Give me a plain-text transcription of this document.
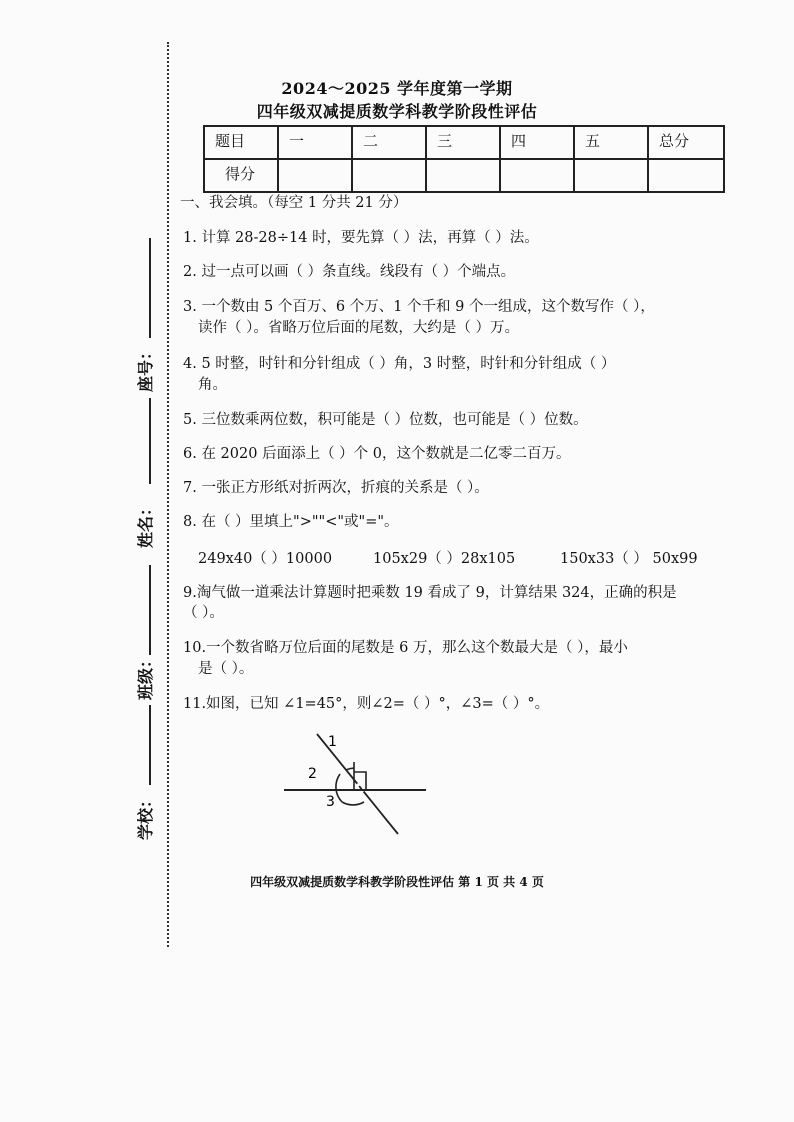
2024～2025 学年度第一学期
四年级双减提质数学科教学阶段性评估
题目	一	二	三	四	五	总分
得分						
座号：
姓名：
班级：
学校：
一、我会填。（每空 1 分共 21 分）
1. 计算 28-28÷14 时，要先算（ ）法，再算（ ）法。
2. 过一点可以画（ ）条直线。线段有（ ）个端点。
3. 一个数由 5 个百万、6 个万、1 个千和 9 个一组成，这个数写作（ ），
读作（ ）。省略万位后面的尾数，大约是（ ）万。
4. 5 时整，时针和分针组成（ ）角，3 时整，时针和分针组成（ ）
角。
5. 三位数乘两位数，积可能是（ ）位数，也可能是（ ）位数。
6. 在 2020 后面添上（ ）个 0，这个数就是二亿零二百万。
7. 一张正方形纸对折两次，折痕的关系是（ ）。
8. 在（ ）里填上">""<"或"="。
249x40（ ）10000	105x29（ ）28x105	150x33（ ） 50x99
9.淘气做一道乘法计算题时把乘数 19 看成了 9，计算结果 324，正确的积是
（ ）。
10.一个数省略万位后面的尾数是 6 万，那么这个数最大是（ ），最小
是（ ）。
11.如图，已知 ∠1=45°，则∠2=（ ）°，∠3=（ ）°。
1
2
3
四年级双减提质数学科教学阶段性评估 第 1 页 共 4 页
